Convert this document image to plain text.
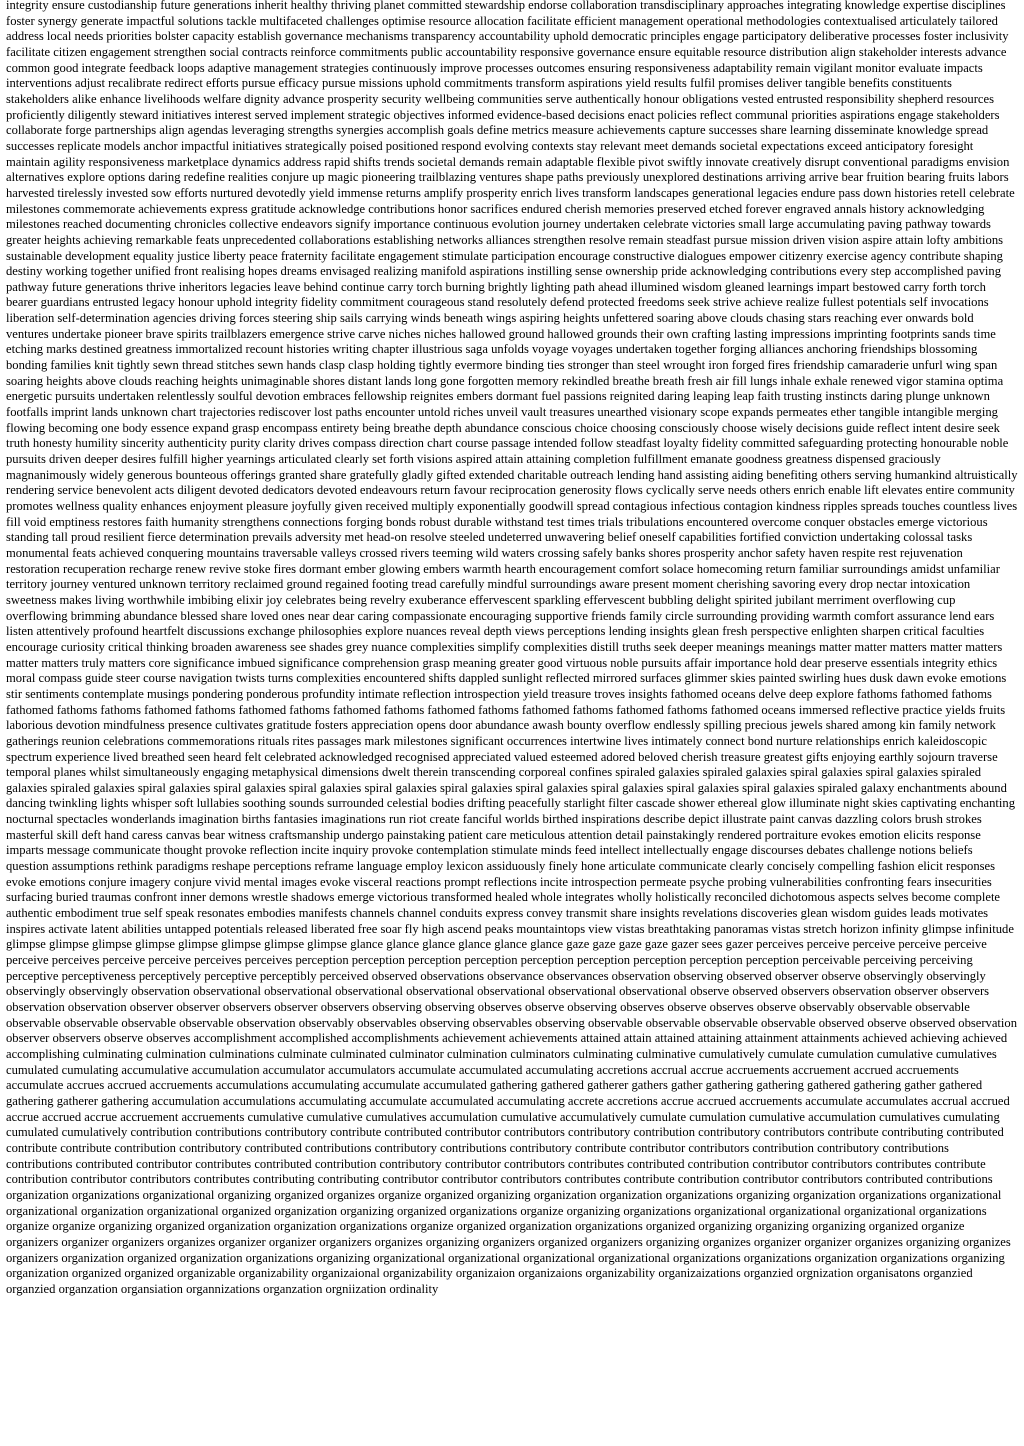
integrity ensure custodianship future generations inherit healthy thriving planet committed stewardship endorse collaboration transdisciplinary approaches integrating knowledge expertise disciplines foster synergy generate impactful solutions tackle multifaceted challenges optimise resource allocation facilitate efficient management operational methodologies contextualised articulately tailored address local needs priorities bolster capacity establish governance mechanisms transparency accountability uphold democratic principles engage participatory deliberative processes foster inclusivity facilitate citizen engagement strengthen social contracts reinforce commitments public accountability responsive governance ensure equitable resource distribution align stakeholder interests advance common good integrate feedback loops adaptive management strategies continuously improve processes outcomes ensuring responsiveness adaptability remain vigilant monitor evaluate impacts interventions adjust recalibrate redirect efforts pursue efficacy pursue missions uphold commitments transform aspirations yield results fulfil promises deliver tangible benefits constituents stakeholders alike enhance livelihoods welfare dignity advance prosperity security wellbeing communities serve authentically honour obligations vested entrusted responsibility shepherd resources proficiently diligently steward initiatives interest served implement strategic objectives informed evidence-based decisions enact policies reflect communal priorities aspirations engage stakeholders collaborate forge partnerships align agendas leveraging strengths synergies accomplish goals define metrics measure achievements capture successes share learning disseminate knowledge spread successes replicate models anchor impactful initiatives strategically poised positioned respond evolving contexts stay relevant meet demands societal expectations exceed anticipatory foresight maintain agility responsiveness marketplace dynamics address rapid shifts trends societal demands remain adaptable flexible pivot swiftly innovate creatively disrupt conventional paradigms envision alternatives explore options daring redefine realities conjure up magic pioneering trailblazing ventures shape paths previously unexplored destinations arriving arrive bear fruition bearing fruits labors harvested tirelessly invested sow efforts nurtured devotedly yield immense returns amplify prosperity enrich lives transform landscapes generational legacies endure pass down histories retell celebrate milestones commemorate achievements express gratitude acknowledge contributions honor sacrifices endured cherish memories preserved etched forever engraved annals history acknowledging milestones reached documenting chronicles collective endeavors signify importance continuous evolution journey undertaken celebrate victories small large accumulating paving pathway towards greater heights achieving remarkable feats unprecedented collaborations establishing networks alliances strengthen resolve remain steadfast pursue mission driven vision aspire attain lofty ambitions sustainable development equality justice liberty peace fraternity facilitate engagement stimulate participation encourage constructive dialogues empower citizenry exercise agency contribute shaping destiny working together unified front realising hopes dreams envisaged realizing manifold aspirations instilling sense ownership pride acknowledging contributions every step accomplished paving pathway future generations thrive inheritors legacies leave behind continue carry torch burning brightly lighting path ahead illumined wisdom gleaned learnings impart bestowed carry forth torch bearer guardians entrusted legacy honour uphold integrity fidelity commitment courageous stand resolutely defend protected freedoms seek strive achieve realize fullest potentials self invocations liberation self-determination agencies driving forces steering ship sails carrying winds beneath wings aspiring heights unfettered soaring above clouds chasing stars reaching ever onwards bold ventures undertake pioneer brave spirits trailblazers emergence strive carve niches niches hallowed ground hallowed grounds their own crafting lasting impressions imprinting footprints sands time etching marks destined greatness immortalized recount histories writing chapter illustrious saga unfolds voyage voyages undertaken together forging alliances anchoring friendships blossoming bonding families knit tightly sewn thread stitches sewn hands clasp clasp holding tightly evermore binding ties stronger than steel wrought iron forged fires friendship camaraderie unfurl wing span soaring heights above clouds reaching heights unimaginable shores distant lands long gone forgotten memory rekindled breathe breath fresh air fill lungs inhale exhale renewed vigor stamina optima energetic pursuits undertaken relentlessly soulful devotion embraces fellowship reignites embers dormant fuel passions reignited daring leaping leap faith trusting instincts daring plunge unknown footfalls imprint lands unknown chart trajectories rediscover lost paths encounter untold riches unveil vault treasures unearthed visionary scope expands permeates ether tangible intangible merging flowing becoming one body essence expand grasp encompass entirety being breathe depth abundance conscious choice choosing consciously choose wisely decisions guide reflect intent desire seek truth honesty humility sincerity authenticity purity clarity drives compass direction chart course passage intended follow steadfast loyalty fidelity committed safeguarding protecting honourable noble pursuits driven deeper desires fulfill higher yearnings articulated clearly set forth visions aspired attain attaining completion fulfillment emanate goodness greatness dispensed graciously magnanimously widely generous bounteous offerings granted share gratefully gladly gifted extended charitable outreach lending hand assisting aiding benefiting others serving humankind altruistically rendering service benevolent acts diligent devoted dedicators devoted endeavours return favour reciprocation generosity flows cyclically serve needs others enrich enable lift elevates entire community promotes wellness quality enhances enjoyment pleasure joyfully given received multiply exponentially goodwill spread contagious infectious contagion kindness ripples spreads touches countless lives fill void emptiness restores faith humanity strengthens connections forging bonds robust durable withstand test times trials tribulations encountered overcome conquer obstacles emerge victorious standing tall proud resilient fierce determination prevails adversity met head-on resolve steeled undeterred unwavering belief oneself capabilities fortified conviction undertaking colossal tasks monumental feats achieved conquering mountains traversable valleys crossed rivers teeming wild waters crossing safely banks shores prosperity anchor safety haven respite rest rejuvenation restoration recuperation recharge renew revive stoke fires dormant ember glowing embers warmth hearth encouragement comfort solace homecoming return familiar surroundings amidst unfamiliar territory journey ventured unknown territory reclaimed ground regained footing tread carefully mindful surroundings aware present moment cherishing savoring every drop nectar intoxication sweetness makes living worthwhile imbibing elixir joy celebrates being revelry exuberance effervescent sparkling effervescent bubbling delight spirited jubilant merriment overflowing cup overflowing brimming abundance blessed share loved ones near dear caring compassionate encouraging supportive friends family circle surrounding providing warmth comfort assurance lend ears listen attentively profound heartfelt discussions exchange philosophies explore nuances reveal depth views perceptions lending insights glean fresh perspective enlighten sharpen critical faculties encourage curiosity critical thinking broaden awareness see shades grey nuance complexities simplify complexities distill truths seek deeper meanings meanings matter matter matters matter matters matter matters truly matters core significance imbued significance comprehension grasp meaning greater good virtuous noble pursuits affair importance hold dear preserve essentials integrity ethics moral compass guide steer course navigation twists turns complexities encountered shifts dappled sunlight reflected mirrored surfaces glimmer skies painted swirling hues dusk dawn evoke emotions stir sentiments contemplate musings pondering ponderous profundity intimate reflection introspection yield treasure troves insights fathomed oceans delve deep explore fathoms fathomed fathoms fathomed fathoms fathoms fathomed fathoms fathomed fathoms fathomed fathoms fathomed fathoms fathomed fathoms fathomed fathoms fathomed oceans immersed reflective practice yields fruits laborious devotion mindfulness presence cultivates gratitude fosters appreciation opens door abundance awash bounty overflow endlessly spilling precious jewels shared among kin family network gatherings reunion celebrations commemorations rituals rites passages mark milestones significant occurrences intertwine lives intimately connect bond nurture relationships enrich kaleidoscopic spectrum experience lived breathed seen heard felt celebrated acknowledged recognised appreciated valued esteemed adored beloved cherish treasure greatest gifts enjoying earthly sojourn traverse temporal planes whilst simultaneously engaging metaphysical dimensions dwelt therein transcending corporeal confines spiraled galaxies spiraled galaxies spiral galaxies spiral galaxies spiraled galaxies spiraled galaxies spiral galaxies spiral galaxies spiral galaxies spiral galaxies spiral galaxies spiral galaxies spiral galaxies spiral galaxies spiral galaxies spiraled galaxy enchantments abound dancing twinkling lights whisper soft lullabies soothing sounds surrounded celestial bodies drifting peacefully starlight filter cascade shower ethereal glow illuminate night skies captivating enchanting nocturnal spectacles wonderlands imagination births fantasies imaginations run riot create fanciful worlds birthed inspirations describe depict illustrate paint canvas dazzling colors brush strokes masterful skill deft hand caress canvas bear witness craftsmanship undergo painstaking patient care meticulous attention detail painstakingly rendered portraiture evokes emotion elicits response imparts message communicate thought provoke reflection incite inquiry provoke contemplation stimulate minds feed intellect intellectually engage discourses debates challenge notions beliefs question assumptions rethink paradigms reshape perceptions reframe language employ lexicon assiduously finely hone articulate communicate clearly concisely compelling fashion elicit responses evoke emotions conjure imagery conjure vivid mental images evoke visceral reactions prompt reflections incite introspection permeate psyche probing vulnerabilities confronting fears insecurities surfacing buried traumas confront inner demons wrestle shadows emerge victorious transformed healed whole integrates wholly holistically reconciled dichotomous aspects selves become complete authentic embodiment true self speak resonates embodies manifests channels channel conduits express convey transmit share insights revelations discoveries glean wisdom guides leads motivates inspires activate latent abilities untapped potentials released liberated free soar fly high ascend peaks mountaintops view vistas breathtaking panoramas vistas stretch horizon infinity glimpse infinitude glimpse glimpse glimpse glimpse glimpse glimpse glimpse glimpse glance glance glance glance glance glance gaze gaze gaze gaze gazer sees gazer perceives perceive perceive perceive perceive perceive perceives perceive perceive perceives perceives perception perception perception perception perception perception perception perception perception perceivable perceiving perceiving perceptive perceptiveness perceptively perceptive perceptibly perceived observed observations observance observances observation observing observed observer observe observingly observingly observingly observingly observation observational observational observational observational observational observational observational observe observed observers observation observer observers observation observation observer observer observers observer observers observing observing observes observe observing observes observe observes observe observably observable observable observable observable observable observable observation observably observables observing observables observing observable observable observable observable observed observe observed observation observer observers observe observes accomplishment accomplished accomplishments achievement achievements attained attain attained attaining attainment attainments achieved achieving achieved accomplishing culminating culmination culminations culminate culminated culminator culmination culminators culminating culminative cumulatively cumulate cumulation cumulative cumulatives cumulated cumulating accumulative accumulation accumulator accumulators accumulate accumulated accumulating accretions accrual accrue accruements accruement accrued accruements accumulate accrues accrued accruements accumulations accumulating accumulate accumulated gathering gathered gatherer gathers gather gathering gathering gathered gathering gather gathered gathering gatherer gathering accumulation accumulations accumulating accumulate accumulated accumulating accrete accretions accrue accrued accruements accumulate accumulates accrual accrued accrue accrued accrue accruement accruements cumulative cumulative cumulatives accumulation cumulative accumulatively cumulate cumulation cumulative accumulation cumulatives cumulating cumulated cumulatively contribution contributions contributory contribute contributed contributor contributors contributory contribution contributory contributors contribute contributing contributed contribute contribute contribution contributory contributed contributions contributory contributions contributory contribute contributor contributors contribution contributory contributions contributions contributed contributor contributes contributed contribution contributory contributor contributors contributes contributed contribution contributor contributors contributes contribute contribution contributor contributors contributes contributing contributing contributor contributor contributors contributes contribute contribution contributor contributors contributed contributions organization organizations organizational organizing organized organizes organize organized organizing organization organization organizations organizing organization organizations organizational organizational organization organizational organized organization organizing organized organizations organize organizing organizations organizational organizational organizational organizations organize organize organizing organized organization organization organizations organize organized organization organizations organized organizing organizing organizing organized organize organizers organizer organizers organizes organizer organizer organizers organizes organizing organizers organized organizers organizing organizes organizer organizer organizes organizing organizes organizers organization organized organization organizations organizing organizational organizational organizational organizational organizations organizations organization organizations organizing organization organized organized organizable organizability organizaional organizability organizaion organizaions organizability organizaizations organzied orgnization organisatons organzied organzied organzation organsiation organnizations organzation orgniization ordinality
